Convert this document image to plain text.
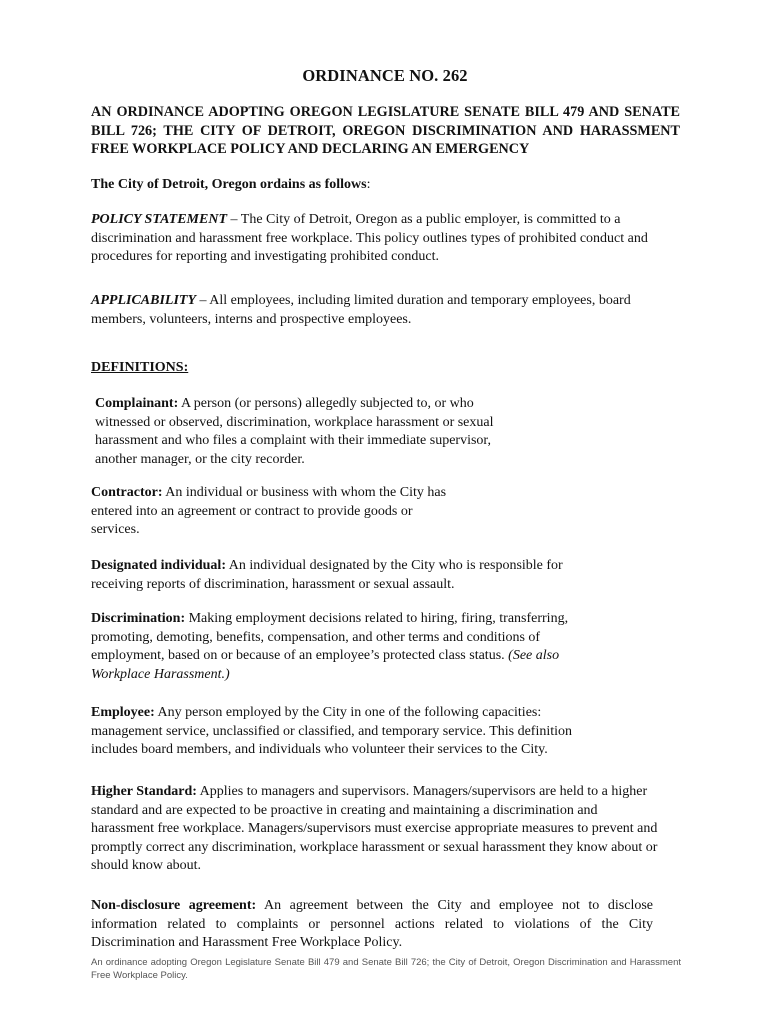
ORDINANCE NO. 262
AN ORDINANCE ADOPTING OREGON LEGISLATURE SENATE BILL 479 AND SENATE BILL 726; THE CITY OF DETROIT, OREGON DISCRIMINATION AND HARASSMENT FREE WORKPLACE POLICY AND DECLARING AN EMERGENCY
The City of Detroit, Oregon ordains as follows:
POLICY STATEMENT – The City of Detroit, Oregon as a public employer, is committed to a discrimination and harassment free workplace. This policy outlines types of prohibited conduct and procedures for reporting and investigating prohibited conduct.
APPLICABILITY – All employees, including limited duration and temporary employees, board members, volunteers, interns and prospective employees.
DEFINITIONS:
Complainant: A person (or persons) allegedly subjected to, or who witnessed or observed, discrimination, workplace harassment or sexual harassment and who files a complaint with their immediate supervisor, another manager, or the city recorder.
Contractor: An individual or business with whom the City has entered into an agreement or contract to provide goods or services.
Designated individual: An individual designated by the City who is responsible for receiving reports of discrimination, harassment or sexual assault.
Discrimination: Making employment decisions related to hiring, firing, transferring, promoting, demoting, benefits, compensation, and other terms and conditions of employment, based on or because of an employee’s protected class status. (See also Workplace Harassment.)
Employee: Any person employed by the City in one of the following capacities: management service, unclassified or classified, and temporary service. This definition includes board members, and individuals who volunteer their services to the City.
Higher Standard: Applies to managers and supervisors. Managers/supervisors are held to a higher standard and are expected to be proactive in creating and maintaining a discrimination and harassment free workplace. Managers/supervisors must exercise appropriate measures to prevent and promptly correct any discrimination, workplace harassment or sexual harassment they know about or should know about.
Non-disclosure agreement: An agreement between the City and employee not to disclose information related to complaints or personnel actions related to violations of the City Discrimination and Harassment Free Workplace Policy.
An ordinance adopting Oregon Legislature Senate Bill 479 and Senate Bill 726; the City of Detroit, Oregon Discrimination and Harassment Free Workplace Policy.
